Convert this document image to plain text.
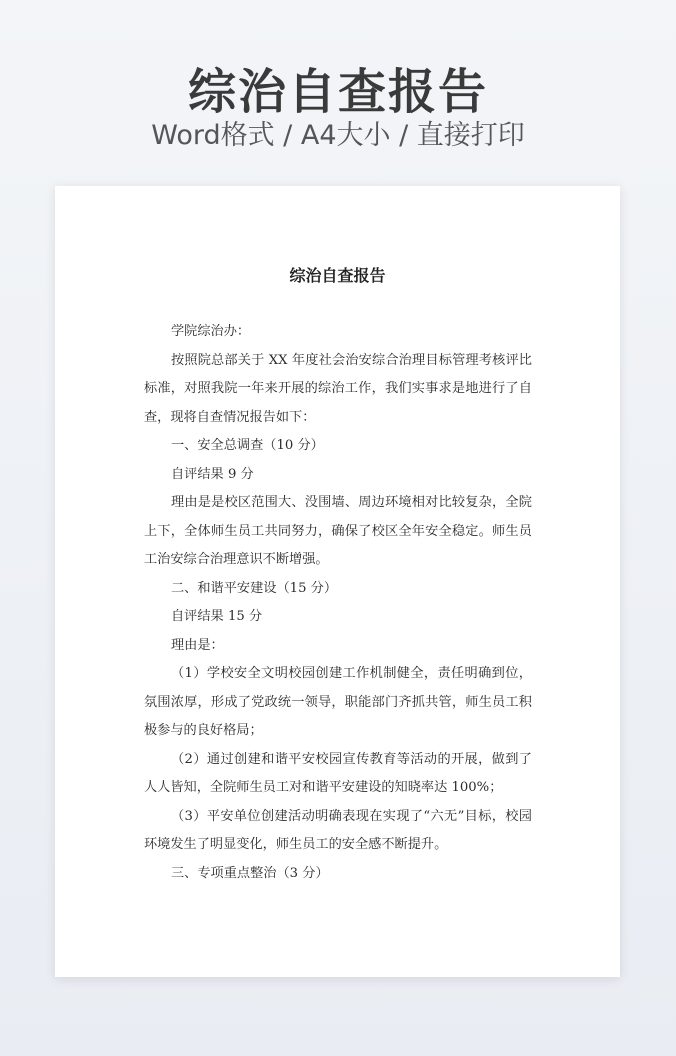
综治自查报告
Word格式 / A4大小 / 直接打印
综治自查报告

学院综治办：

按照院总部关于 XX 年度社会治安综合治理目标管理考核评比标准，对照我院一年来开展的综治工作，我们实事求是地进行了自查，现将自查情况报告如下：

一、安全总调查（10 分）

自评结果 9 分

理由是是校区范围大、没围墙、周边环境相对比较复杂，全院上下，全体师生员工共同努力，确保了校区全年安全稳定。师生员工治安综合治理意识不断增强。

二、和谐平安建设（15 分）

自评结果 15 分

理由是：

（1）学校安全文明校园创建工作机制健全，责任明确到位，氛围浓厚，形成了党政统一领导，职能部门齐抓共管，师生员工积极参与的良好格局；

（2）通过创建和谐平安校园宣传教育等活动的开展，做到了人人皆知，全院师生员工对和谐平安建设的知晓率达 100%；

（3）平安单位创建活动明确表现在实现了“六无”目标，校园环境发生了明显变化，师生员工的安全感不断提升。

三、专项重点整治（3 分）
